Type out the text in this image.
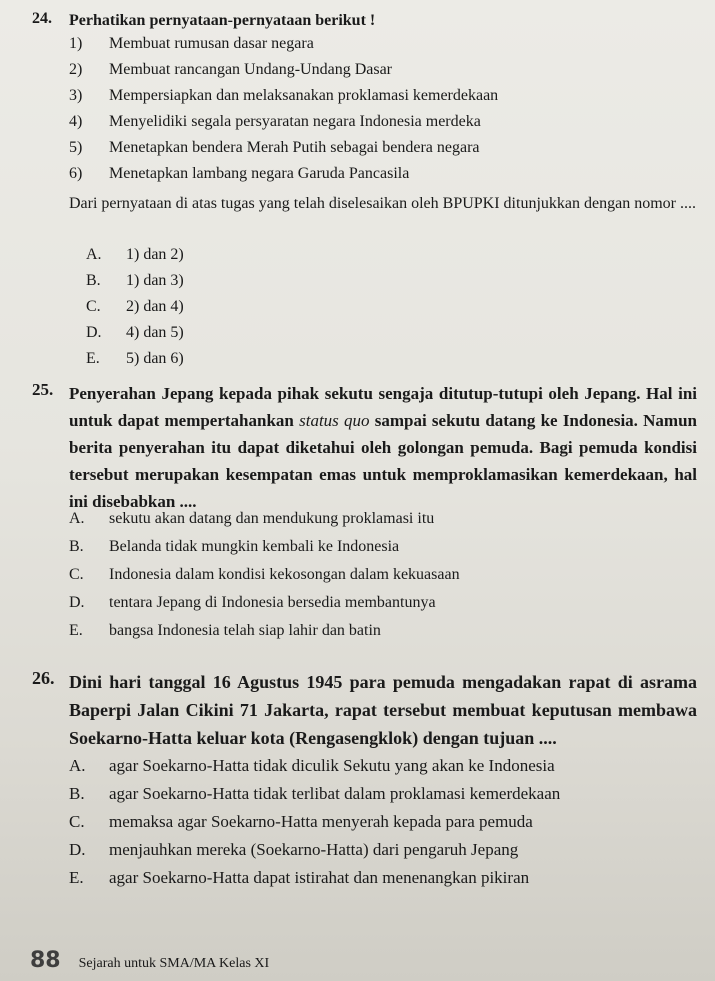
24. Perhatikan pernyataan-pernyataan berikut !
1) Membuat rumusan dasar negara
2) Membuat rancangan Undang-Undang Dasar
3) Mempersiapkan dan melaksanakan proklamasi kemerdekaan
4) Menyelidiki segala persyaratan negara Indonesia merdeka
5) Menetapkan bendera Merah Putih sebagai bendera negara
6) Menetapkan lambang negara Garuda Pancasila
Dari pernyataan di atas tugas yang telah diselesaikan oleh BPUPKI ditunjukkan dengan nomor ....
A. 1) dan 2)
B. 1) dan 3)
C. 2) dan 4)
D. 4) dan 5)
E. 5) dan 6)
25. Penyerahan Jepang kepada pihak sekutu sengaja ditutup-tutupi oleh Jepang. Hal ini untuk dapat mempertahankan status quo sampai sekutu datang ke Indonesia. Namun berita penyerahan itu dapat diketahui oleh golongan pemuda. Bagi pemuda kondisi tersebut merupakan kesempatan emas untuk memproklamasikan kemerdekaan, hal ini disebabkan ....
A. sekutu akan datang dan mendukung proklamasi itu
B. Belanda tidak mungkin kembali ke Indonesia
C. Indonesia dalam kondisi kekosongan dalam kekuasaan
D. tentara Jepang di Indonesia bersedia membantunya
E. bangsa Indonesia telah siap lahir dan batin
26. Dini hari tanggal 16 Agustus 1945 para pemuda mengadakan rapat di asrama Baperpi Jalan Cikini 71 Jakarta, rapat tersebut membuat keputusan membawa Soekarno-Hatta keluar kota (Rengasengklok) dengan tujuan ....
A. agar Soekarno-Hatta tidak diculik Sekutu yang akan ke Indonesia
B. agar Soekarno-Hatta tidak terlibat dalam proklamasi kemerdekaan
C. memaksa agar Soekarno-Hatta menyerah kepada para pemuda
D. menjauhkan mereka (Soekarno-Hatta) dari pengaruh Jepang
E. agar Soekarno-Hatta dapat istirahat dan menenangkan pikiran
88 Sejarah untuk SMA/MA Kelas XI
